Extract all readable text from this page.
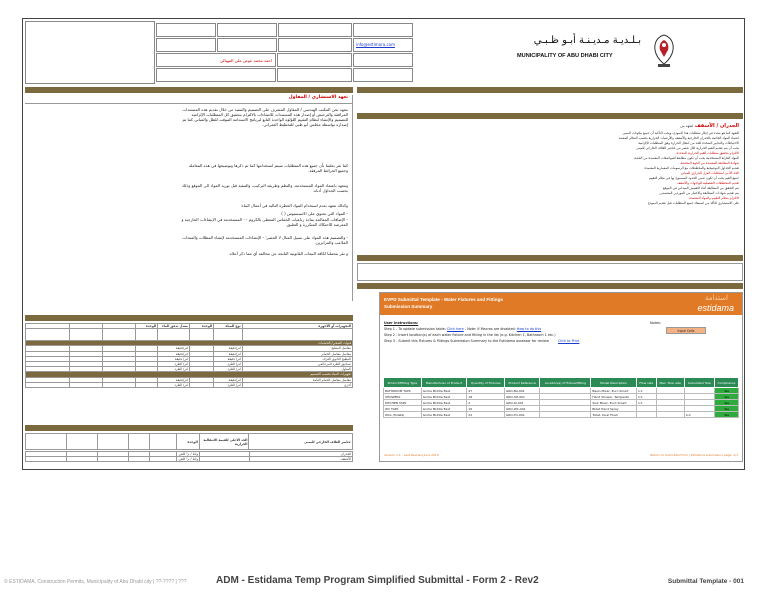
info@estimara.com
احمد محمد عوض علي المهيالي
بـلـديـة مـديـنـة أبـو ظـبـي
MUNICIPALITY OF ABU DHABI CITY
تعهد الاستشاري / المقاول
نتعهد نحن المكتب الهندسي / المقاول المشرف على التصميم والتنفيذ من خلال تقديم هذه المستندات المرافقة والترخيص أو إصدار هذه المستندات للانشاءات بالالتزام بتحقيق كل المتطلبات الإلزامية للتصميم والإنشاء لنظام التقييم اللؤلؤة الواحدة التابع لبرنامج الاستدامة الموقت للظل والمباني كما تم إصداره بواسطة مجلس أبو ظبي للتخطيط العمراني.
كما نقر بعلمنا بأن جميع هذه المتطلبات سيتم استخدامها كما تم ذكرها وتوضيحها في هذه المعاملة وجميع الخرائط المرفقة.
ونتعهد باعتماد المواد المستخدمة، والنظم وطريقة التركيب، والتنفيذ قبل توريد المواد الى الموقع وذلك بحسب الجداول أدناه.
وكذلك نتعهد بعدم استخدام المواد الخطرة التالية في أعمال البناء:
- المواد التي تحتوي على الاسبستوس ( )
- الإضافات المعالجة بمادة رباعيات الخماس المعطى بالكروم - - المستخدمة في الإنشاءات الخارجية و المعرضة للاحتكاك المتكررة و التعليق.
- والتصميم هذه المواد على سبيل المثال لا الحصر: - الإنشاءات المستخدمة لإنشاء المظلات والمعدات الملاعب والمرابزين.
و نقر بتحملنا لكافة التبعات القانونية الناتجة عن مخالفة أي مما ذكر أعلاه.
الجدران / الأسقف لتعهد من
للتعهد كما هو محدد في إطار متطلبات هذا النموذج، ويجب التأكيد أن جميع مكونات المبنى
اعتماد المواد الخاصة بالجدران الخارجية والأسقف والأرضيات الحرارية بحسب النظام المعتمد
الاحتياطات والتدابير المتخذة للحد من انتقال الحرارة وفق المتطلبات الإلزامية
يجب أن يتم تقديم القيم الحرارية لكل عنصر من عناصر الغلاف الخارجي للمبنى
الالتزام بتحقيق متطلبات القيم الحرارية المحددة
المواد العازلة المستخدمة يجب أن تكون مطابقة للمواصفات المعتمدة من البلدية
شهادة المطابقة المعتمدة من الجهة المختصة
تقديم الجداول التوضيحية والمخططات مع الرسومات المعمارية المعتمدة
الحد الأدنى لمتطلبات العزل الحراري للمباني
جميع القيم يجب أن تكون ضمن الحدود المسموح بها في نظام التقييم
تقديم المخططات التفصيلية للواجهات والأسقف
يتم التحقق من المطابقة أثناء التفتيش الميداني في الموقع
يتم تقديم شهادات المطابقة والاختبار من الموردين المعتمدين
الالتزام بنظام التقييم والمواد المعتمدة
على الاستشاري التأكد من استيفاء جميع المتطلبات قبل تقديم النموذج
			الوحدة	معدل تدفق الماء	الوحدة	نوع المياه	التجهيزات أو الأجهزة

قنوات الصحي/ الحمامات							
				لتر/دقيقة		لتر/دقيقة	مغاسل المطبخ
				لتر/دقيقة		لتر/دقيقة	مغاسل مغاسل الحمام
				لتر/ دقيقة		لتر/ دقيقة	المطبخ الثانوي الغرف
				لتر/ الطرد		لتر/ الطرد	صناديق الطرد المرحاضي
				لتر/ الطرد		لتر/ الطرد	المباول
تجهيزات المياه بحسب التصميم							
				لتر/دقيقة		لتر/دقيقة	مغاسل مغاسل الحمام العامة
				لتر/ الطرد		لتر/ الطرد	أخرى
					الوحدة	الحد الأعلى للقيمة الانتقالية الحرارية	عناصر الغلاف الخارجي للمبنى
					واط / م² كلفن		الجدران
					واط / م² كلفن		الأسقف
EVPD Submittal Template - Water Fixtures and Fittings
Submission Summary
استدامة
estidama
User Instructions:
Step 1 - To update submission table: Click here - Note: If Macros are disabled: How to do this
Step 2 - Insert location(s) of each water fixture and fitting in the list (e.g. Kitchen 1, Bathroom 1 etc.)
Step 3 - Submit this Fixtures & Fittings Submission Summary to the Estidama assessor for review	Click to Print
Notes:
Input Cells
Product/Fitting Type	Manufacturer of Product	Quantity of Fixtures	Product Reference	Location(s) of fixture/fitting	Model Description	Flow rate	Max. flow rate	Calculated flow	Compliance
BATHROOM TAPS	Grohe Middle East	47	GRO-BA-001		Basin Mixer, Euro Smart	1:1			Yes
SHOWERS	Grohe Middle East	18	GRO-SH-001		Hand Shower, Tempesta	1:1			Yes
KITCHEN TAPS	Grohe Middle East	2	GRO-KI-001		Sink Mixer, Euro Smart	1:1			Yes
WC TAPS	Grohe Middle East	16	GRO-WC-001		Bidet Hand Spray				Yes
WCs (Toilets)	Grohe Middle East	22	GRO-TO-001		Toilet, Dual Flush			4.0	Yes
Version 1.1 - Last Revised June 2010	Return to Submittal Form | Estidama submission page: 1/1
© ESTIDAMA, Construction Permits, Municipality of Abu Dhabi city | ??-???? | ???	ADM - Estidama Temp Program Simplified Submittal - Form 2 - Rev2	Submittal Template - 001
